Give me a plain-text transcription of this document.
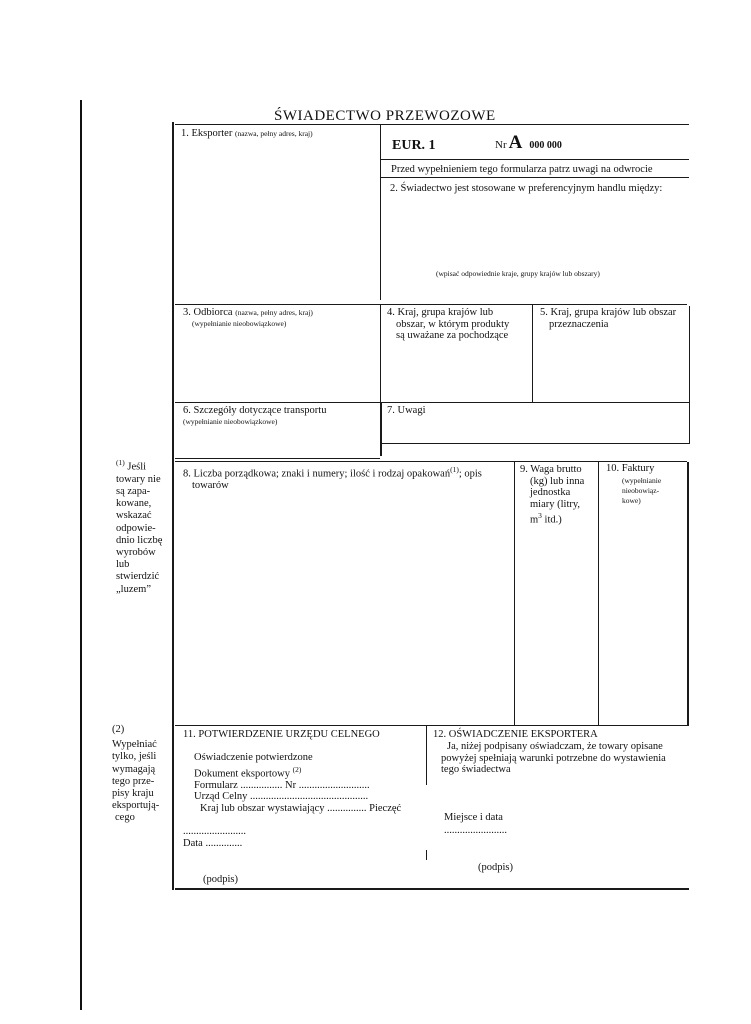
ŚWIADECTWO PRZEWOZOWE
1. Eksporter (nazwa, pełny adres, kraj)
EUR. 1	Nr A 000 000
Przed wypełnieniem tego formularza patrz uwagi na odwrocie
2. Świadectwo jest stosowane w preferencyjnym handlu między:
(wpisać odpowiednie kraje, grupy krajów lub obszary)
3. Odbiorca (nazwa, pełny adres, kraj)
(wypełnianie nieobowiązkowe)
4. Kraj, grupa krajów lub
obszar, w którym produkty
są uważane za pochodzące
5. Kraj, grupa krajów lub obszar
przeznaczenia
6. Szczegóły dotyczące transportu
(wypełnianie nieobowiązkowe)
7. Uwagi
8. Liczba porządkowa; znaki i numery; ilość i rodzaj opakowań$^{(1)}$; opis
towarów
9. Waga brutto
(kg) lub inna
jednostka
miary (litry,
$m^3$ itd.)
10. Faktury
(wypełnianie
nieobowiąz-
kowe)
11. POTWIERDZENIE URZĘDU CELNEGO
Oświadczenie potwierdzone
Dokument eksportowy $^{(2)}$
Formularz ................ Nr ...........................
Urząd Celny .............................................
Kraj lub obszar wystawiający ............... Pieczęć
........................
Data ..............
(podpis)
12. OŚWIADCZENIE EKSPORTERA
Ja, niżej podpisany oświadczam, że towary opisane
powyżej spełniają warunki potrzebne do wystawienia
tego świadectwa
Miejsce i data
........................
(podpis)
$^{(1)}$ Jeśli
towary nie
są zapa-
kowane,
wskazać
odpowie-
dnio liczbę
wyrobów
lub
stwierdzić
„luzem”
(2)
Wypełniać
tylko, jeśli
wymagają
tego prze-
pisy kraju
eksportują-
cego
